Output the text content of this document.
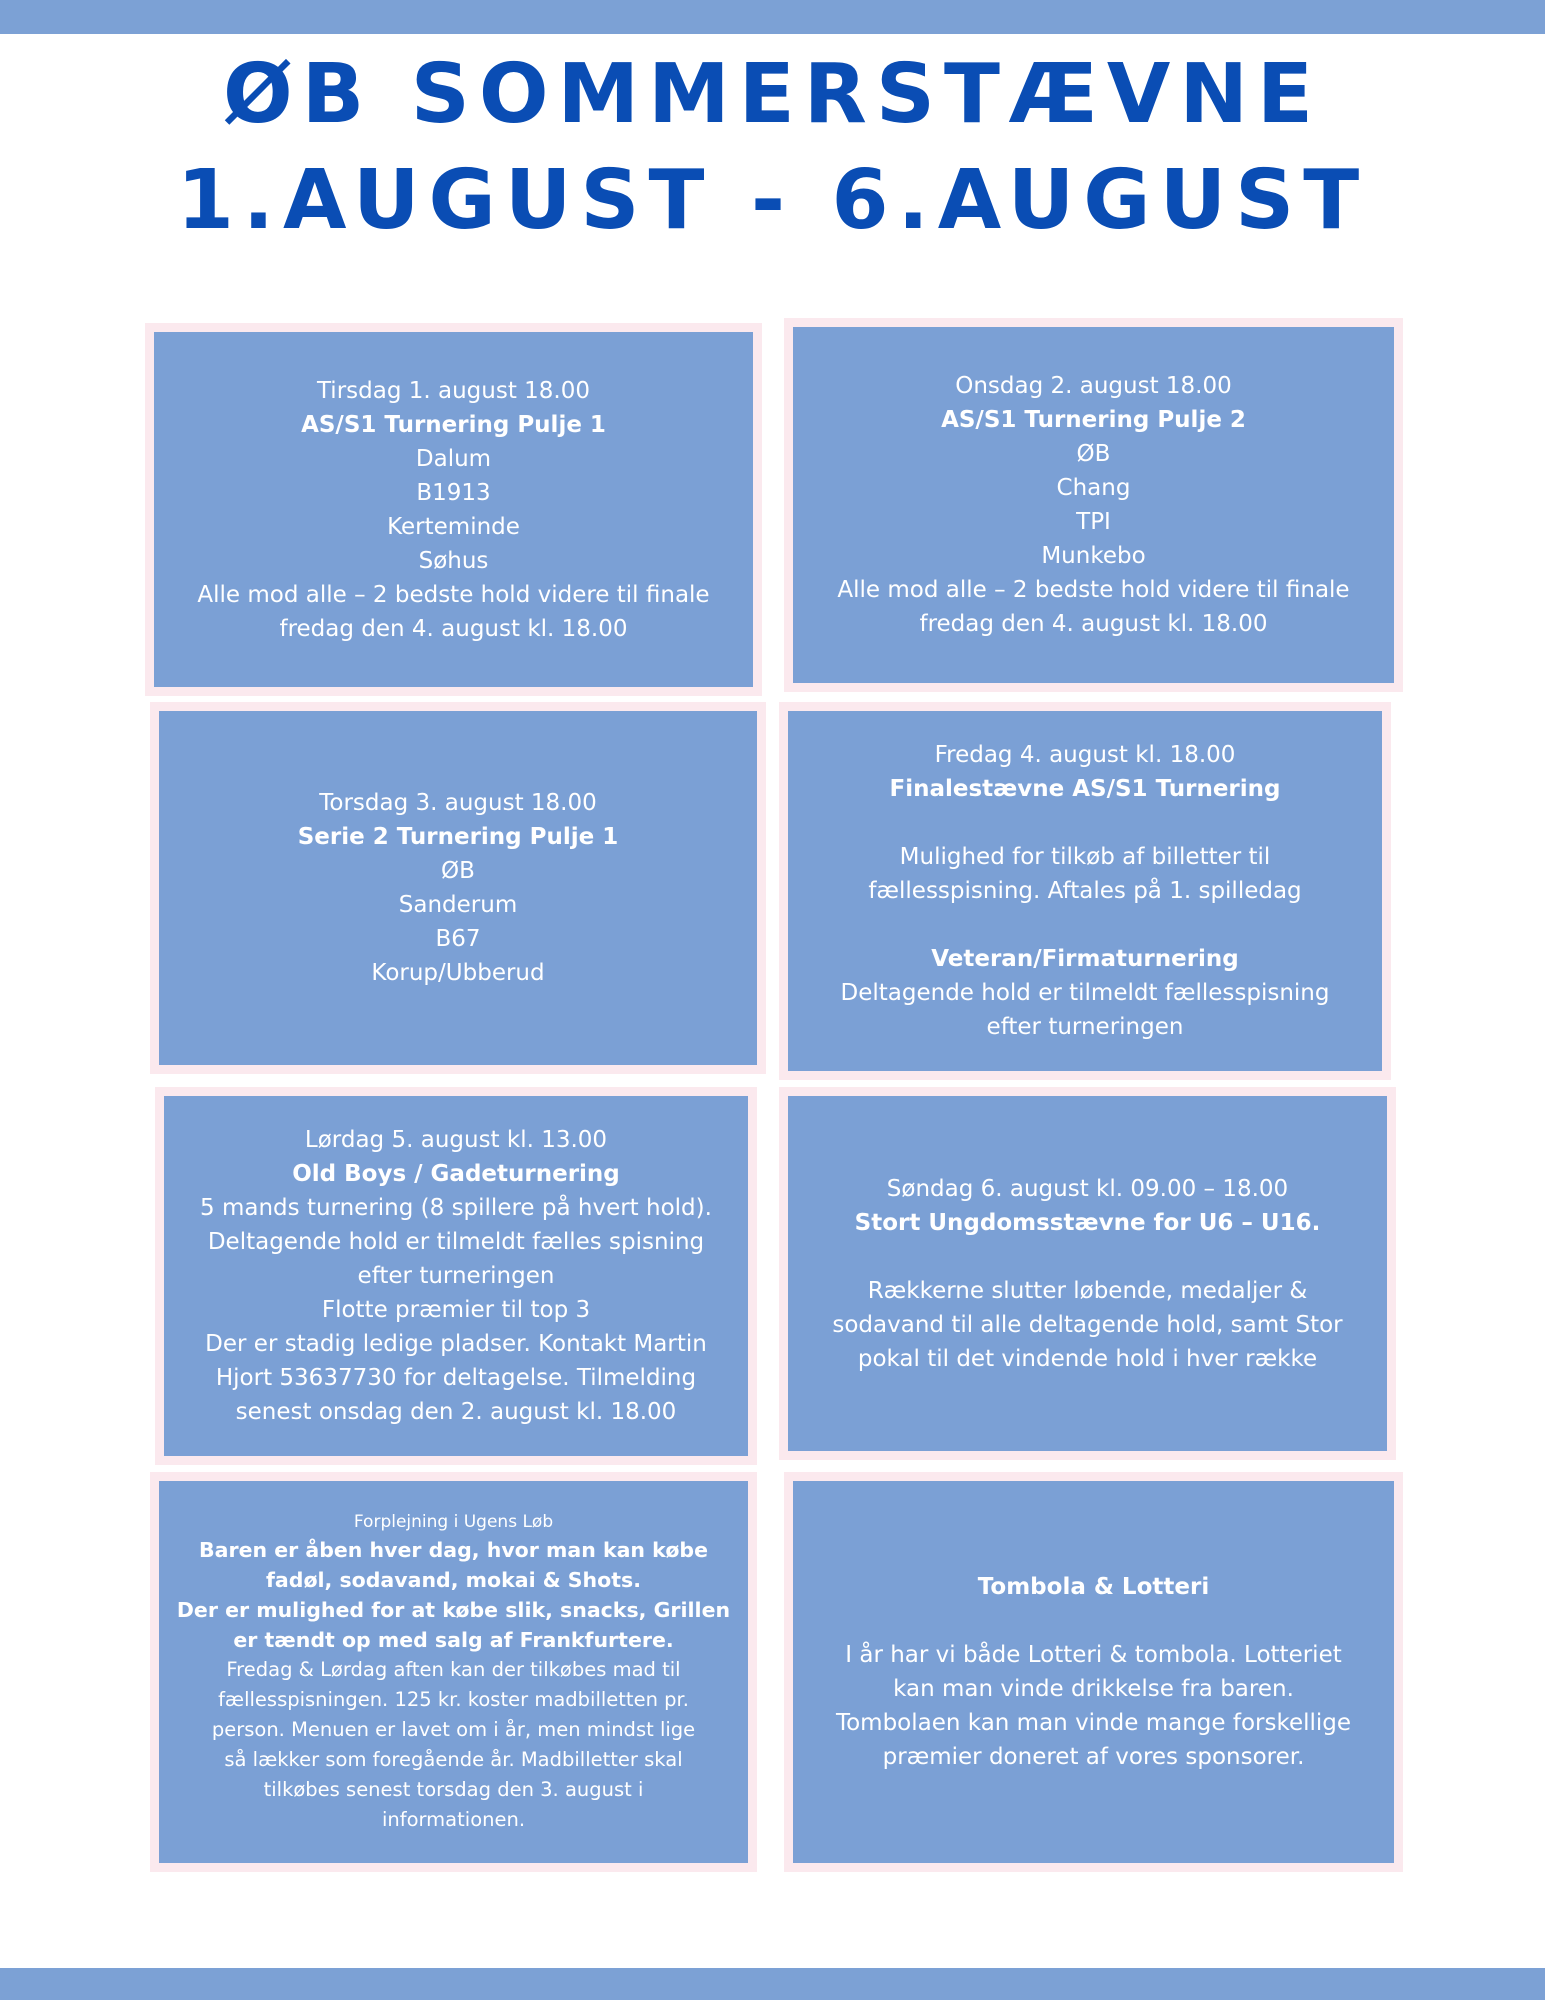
ØB SOMMERSTÆVNE
1.AUGUST - 6.AUGUST
Tirsdag 1. august 18.00
AS/S1 Turnering Pulje 1
Dalum
B1913
Kerteminde
Søhus
Alle mod alle – 2 bedste hold videre til finale
fredag den 4. august kl. 18.00
Onsdag 2. august 18.00
AS/S1 Turnering Pulje 2
ØB
Chang
TPI
Munkebo
Alle mod alle – 2 bedste hold videre til finale
fredag den 4. august kl. 18.00
Torsdag 3. august 18.00
Serie 2 Turnering Pulje 1
ØB
Sanderum
B67
Korup/Ubberud
Fredag 4. august kl. 18.00
Finalestævne AS/S1 Turnering
Mulighed for tilkøb af billetter til
fællesspisning. Aftales på 1. spilledag
Veteran/Firmaturnering
Deltagende hold er tilmeldt fællesspisning
efter turneringen
Lørdag 5. august kl. 13.00
Old Boys / Gadeturnering
5 mands turnering (8 spillere på hvert hold).
Deltagende hold er tilmeldt fælles spisning
efter turneringen
Flotte præmier til top 3
Der er stadig ledige pladser. Kontakt Martin
Hjort 53637730 for deltagelse. Tilmelding
senest onsdag den 2. august kl. 18.00
Søndag 6. august kl. 09.00 – 18.00
Stort Ungdomsstævne for U6 – U16.
Rækkerne slutter løbende, medaljer &
sodavand til alle deltagende hold, samt Stor
pokal til det vindende hold i hver række
Forplejning i Ugens Løb
Baren er åben hver dag, hvor man kan købe
fadøl, sodavand, mokai & Shots.
Der er mulighed for at købe slik, snacks, Grillen
er tændt op med salg af Frankfurtere.
Fredag & Lørdag aften kan der tilkøbes mad til
fællesspisningen. 125 kr. koster madbilletten pr.
person. Menuen er lavet om i år, men mindst lige
så lækker som foregående år. Madbilletter skal
tilkøbes senest torsdag den 3. august i
informationen.
Tombola & Lotteri
I år har vi både Lotteri & tombola. Lotteriet
kan man vinde drikkelse fra baren.
Tombolaen kan man vinde mange forskellige
præmier doneret af vores sponsorer.
